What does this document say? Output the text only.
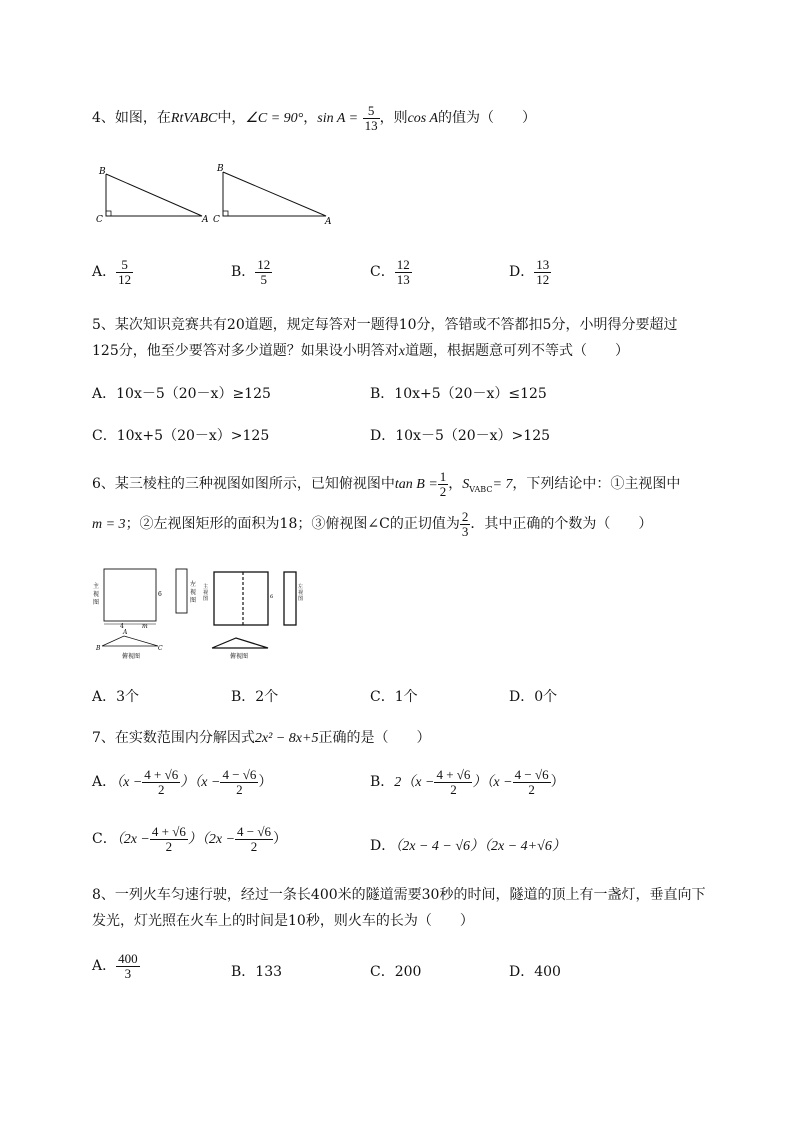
4、如图，在RtVABC中，∠C = 90°，$\sin A = \frac{5}{13}$ ，则cos A的值为（　　）
B
C	A
B
C	A
A． $\frac{5}{12}$	B． $\frac{12}{5}$	C． $\frac{12}{13}$	D． $\frac{13}{12}$
5、某次知识竞赛共有20道题，规定每答对一题得10分，答错或不答都扣5分，小明得分要超过
125分，他至少要答对多少道题？如果设小明答对x道题，根据题意可列不等式（　　）
A．10x－5（20－x）≥125	B．10x+5（20－x）≤125
C．10x+5（20－x）>125	D．10x－5（20－x）>125
6、某三棱柱的三种视图如图所示，已知俯视图中$\tan B = \frac{1}{2}$ ，$S_{VABC}= 7$，下列结论中：①主视图中
m = 3；②左视图矩形的面积为18；③俯视图∠C的正切值为 $\frac{2}{3}$ ．其中正确的个数为（　　）
主
视
图
6
4	m
左
视
图
A
B	C
俯视图
主
视
图	6
左
视
图
俯视图
A．3个	B．2个	C．1个	D．0个
7、在实数范围内分解因式2x² − 8x+5正确的是（　　）
A．$(x - \frac{4 + √6}{2} )(x - \frac{4 - √6}{2}$ ）	B．$2(x - \frac{4 + √6}{2} )(x - \frac{4 - √6}{2}$ ）
C．$(2x - \frac{4 + √6}{2} )(2x - \frac{4 - √6}{2}$ ）	D．（2x − 4 − √6）（2x − 4+√6）
8、一列火车匀速行驶，经过一条长400米的隧道需要30秒的时间，隧道的顶上有一盏灯，垂直向下
发光，灯光照在火车上的时间是10秒，则火车的长为（　　）
A． $\frac{400}{3}$	B．133	C．200	D．400
